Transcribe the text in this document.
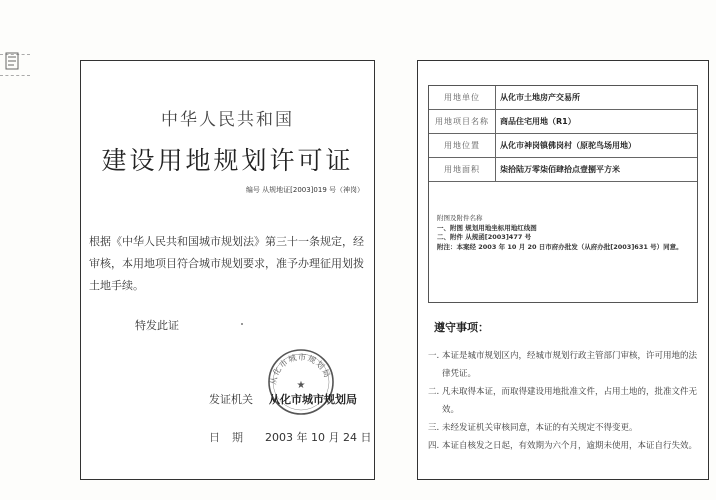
中华人民共和国
建设用地规划许可证
编号 从规地证[2003]019 号（神岗）
根据《中华人民共和国城市规划法》第三十一条规定，经审核，本用地项目符合城市规划要求，准予办理征用划拨土地手续。
特发此证
发证机关
从化市城市规划局
★
从化市城市规划局
日期 2003 年 10 月 24 日
用地单位	从化市土地房产交易所
用地项目名称	商品住宅用地（R1）
用地位置	从化市神岗镇佛岗村（原驼鸟场用地）
用地面积	柒拾陆万零柒佰肆拾点壹捌平方米
附图及附件名称
一、附图 规划用地坐标用地红线图
二、附件 从规函[2003]477 号
附注：本案经 2003 年 10 月 20 日市府办批发（从府办批[2003]631 号）同意。
遵守事项：
一. 本证是城市规划区内，经城市规划行政主管部门审核，许可用地的法律凭证。
二. 凡未取得本证，而取得建设用地批准文件，占用土地的，批准文件无效。
三. 未经发证机关审核同意，本证的有关规定不得变更。
四. 本证自核发之日起，有效期为六个月，逾期未使用，本证自行失效。
